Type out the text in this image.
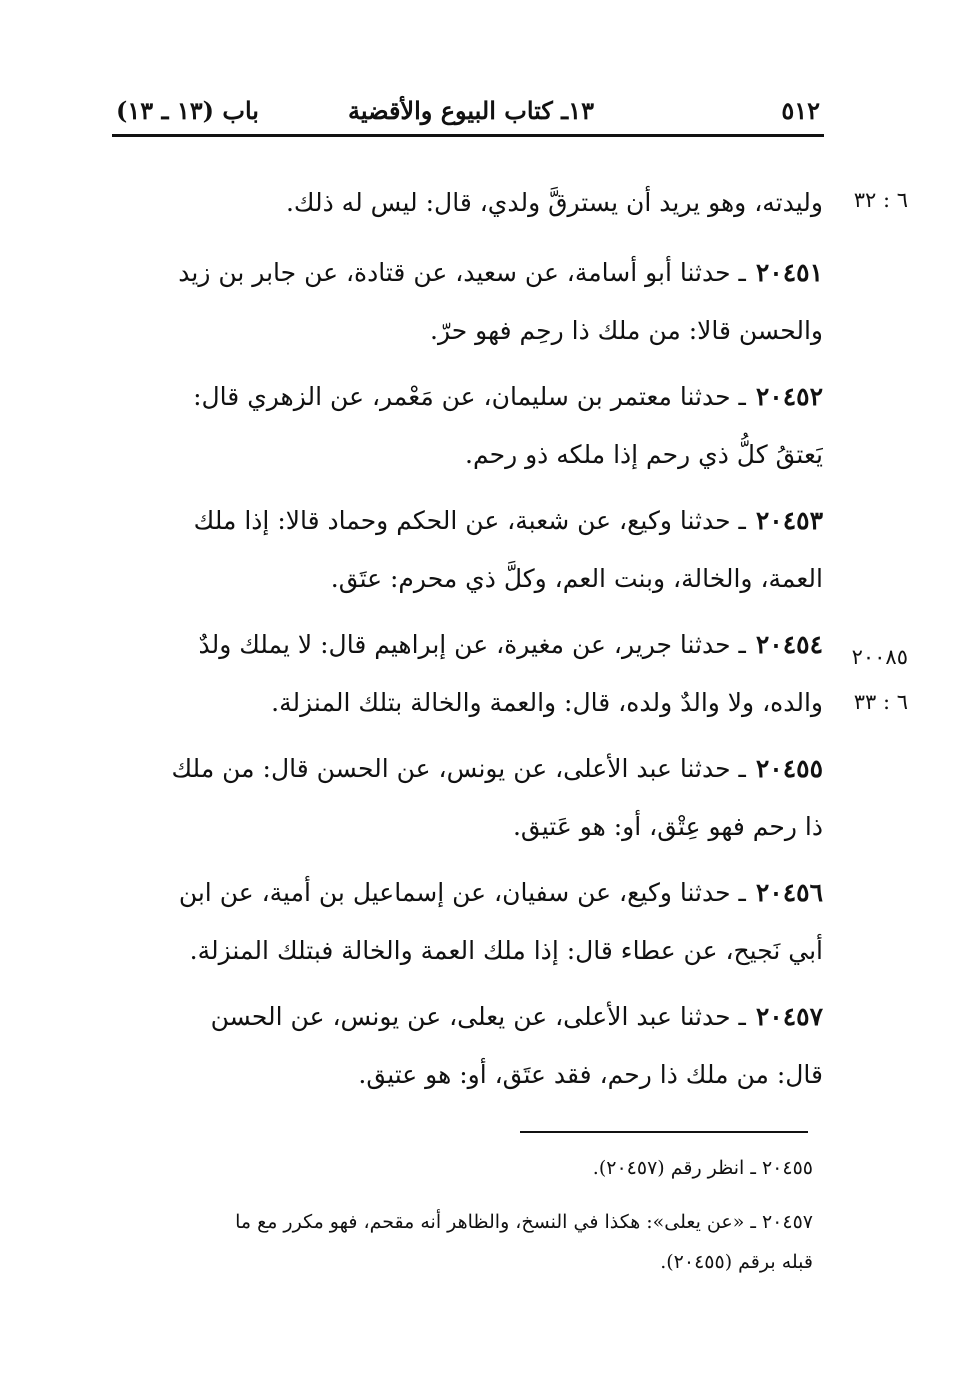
٥١٢
١٣ـ كتاب البيوع والأقضية
باب (١٣ ـ ١٣)
٦ : ٣٢
٢٠٠٨٥
٦ : ٣٣
وليدته، وهو يريد أن يسترقَّ ولدي، قال: ليس له ذلك.
٢٠٤٥١ـ حدثنا أبو أسامة، عن سعيد، عن قتادة، عن جابر بن زيد
والحسن قالا: من ملك ذا رحِم فهو حرّ.
٢٠٤٥٢ـ حدثنا معتمر بن سليمان، عن مَعْمر، عن الزهري قال:
يَعتقُ كلُّ ذي رحم إذا ملكه ذو رحم.
٢٠٤٥٣ـ حدثنا وكيع، عن شعبة، عن الحكم وحماد قالا: إذا ملك
العمة، والخالة، وبنت العم، وكلَّ ذي محرم: عتَق.
٢٠٤٥٤ـ حدثنا جرير، عن مغيرة، عن إبراهيم قال: لا يملك ولدٌ
والده، ولا والدٌ ولده، قال: والعمة والخالة بتلك المنزلة.
٢٠٤٥٥ـ حدثنا عبد الأعلى، عن يونس، عن الحسن قال: من ملك
ذا رحم فهو عِتْق، أو: هو عَتيق.
٢٠٤٥٦ـ حدثنا وكيع، عن سفيان، عن إسماعيل بن أمية، عن ابن
أبي نَجيح، عن عطاء قال: إذا ملك العمة والخالة فبتلك المنزلة.
٢٠٤٥٧ـ حدثنا عبد الأعلى، عن يعلى، عن يونس، عن الحسن
قال: من ملك ذا رحم، فقد عتَق، أو: هو عتيق.
٢٠٤٥٥ ـ انظر رقم (٢٠٤٥٧).
٢٠٤٥٧ ـ «عن يعلى»: هكذا في النسخ، والظاهر أنه مقحم، فهو مكرر مع ما
قبله برقم (٢٠٤٥٥).
